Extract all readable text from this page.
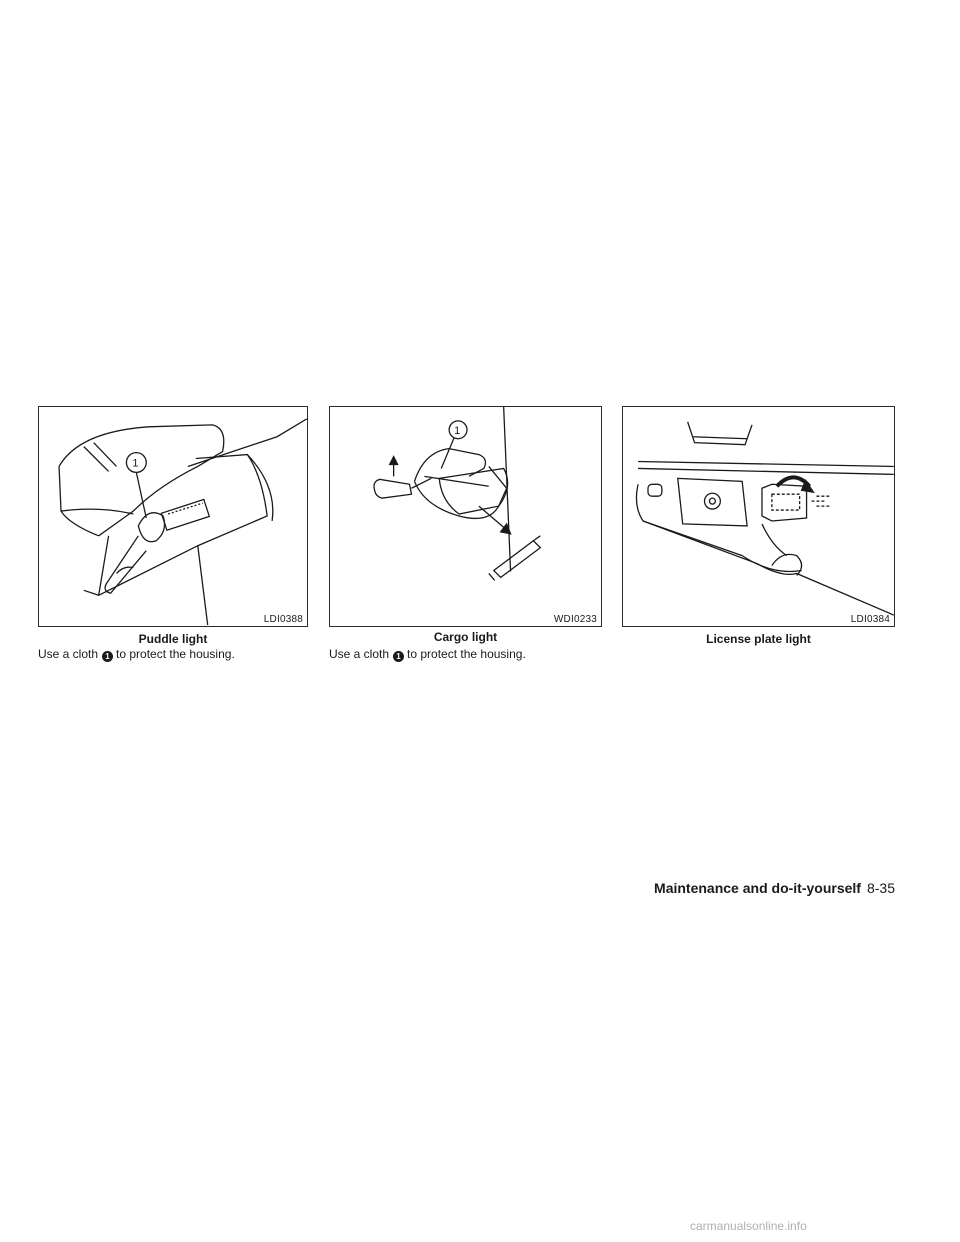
1
LDI0388
1
WDI0233	LDI0384
Puddle light	Cargo light	License plate light
Use a cloth 1 to protect the housing.	Use a cloth 1 to protect the housing.
Maintenance and do-it-yourself 8-35
carmanualsonline.info
